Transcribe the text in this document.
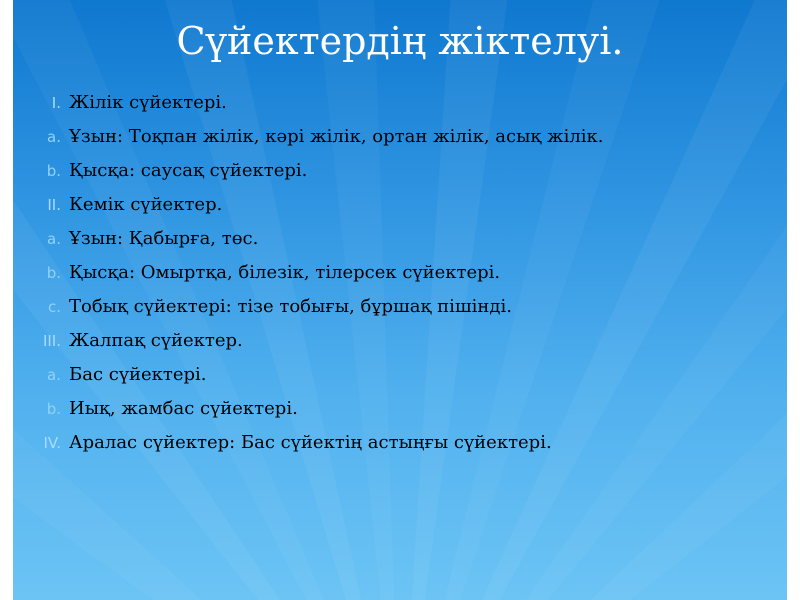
Сүйектердің жіктелуі.
I. Жілік сүйектері.
a. Ұзын: Тоқпан жілік, кәрі жілік, ортан жілік, асық жілік.
b. Қысқа: саусақ сүйектері.
II. Кемік сүйектер.
a. Ұзын: Қабырға, төс.
b. Қысқа: Омыртқа, білезік, тілерсек сүйектері.
c. Тобық сүйектері: тізе тобығы, бұршақ пішінді.
III. Жалпақ сүйектер.
a. Бас сүйектері.
b. Иық, жамбас сүйектері.
IV. Аралас сүйектер: Бас сүйектің астыңғы сүйектері.
